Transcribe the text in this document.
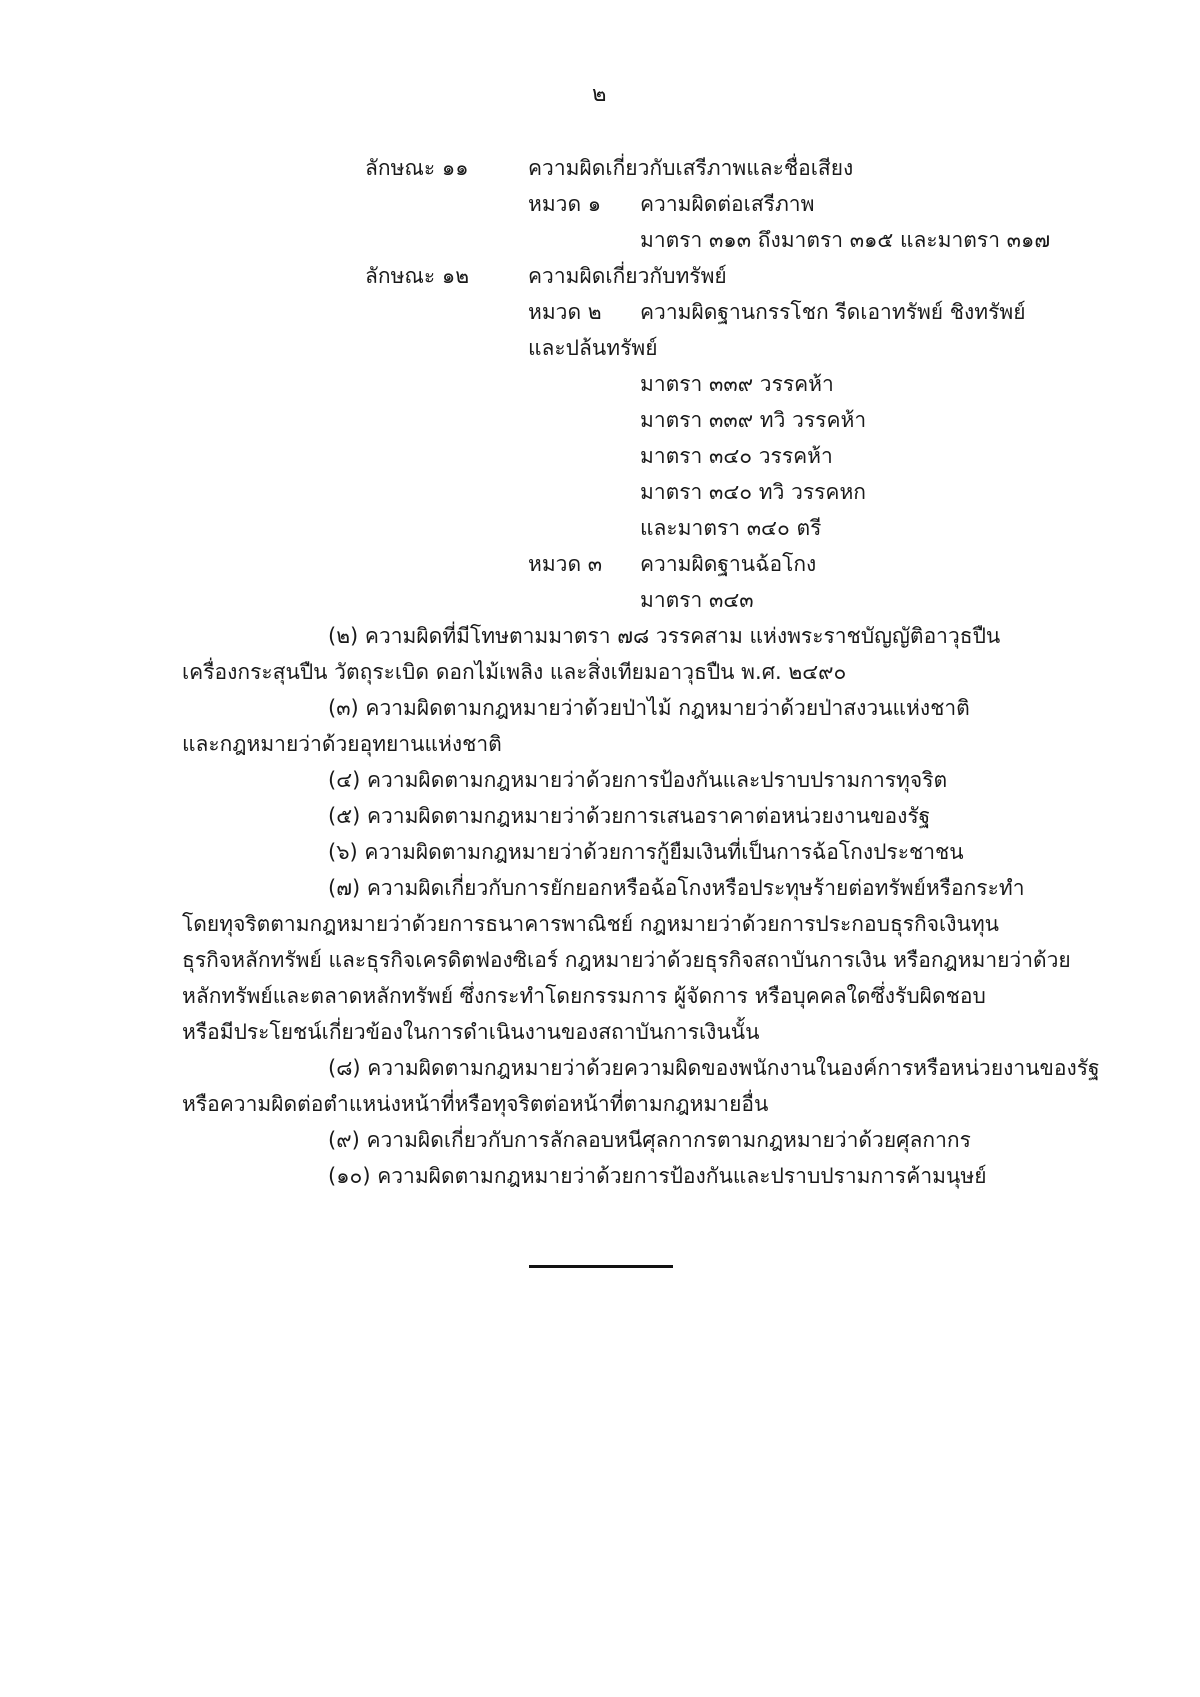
๒
ลักษณะ ๑๑	ความผิดเกี่ยวกับเสรีภาพและชื่อเสียง
หมวด ๑ ความผิดต่อเสรีภาพ
มาตรา ๓๑๓ ถึงมาตรา ๓๑๕ และมาตรา ๓๑๗
ลักษณะ ๑๒	ความผิดเกี่ยวกับทรัพย์
หมวด ๒ ความผิดฐานกรรโชก รีดเอาทรัพย์ ชิงทรัพย์
และปล้นทรัพย์
มาตรา ๓๓๙ วรรคห้า
มาตรา ๓๓๙ ทวิ วรรคห้า
มาตรา ๓๔๐ วรรคห้า
มาตรา ๓๔๐ ทวิ วรรคหก
และมาตรา ๓๔๐ ตรี
หมวด ๓ ความผิดฐานฉ้อโกง
มาตรา ๓๔๓
(๒) ความผิดที่มีโทษตามมาตรา ๗๘ วรรคสาม แห่งพระราชบัญญัติอาวุธปืน
เครื่องกระสุนปืน วัตถุระเบิด ดอกไม้เพลิง และสิ่งเทียมอาวุธปืน พ.ศ. ๒๔๙๐
(๓) ความผิดตามกฎหมายว่าด้วยป่าไม้ กฎหมายว่าด้วยป่าสงวนแห่งชาติ
และกฎหมายว่าด้วยอุทยานแห่งชาติ
(๔) ความผิดตามกฎหมายว่าด้วยการป้องกันและปราบปรามการทุจริต
(๕) ความผิดตามกฎหมายว่าด้วยการเสนอราคาต่อหน่วยงานของรัฐ
(๖) ความผิดตามกฎหมายว่าด้วยการกู้ยืมเงินที่เป็นการฉ้อโกงประชาชน
(๗) ความผิดเกี่ยวกับการยักยอกหรือฉ้อโกงหรือประทุษร้ายต่อทรัพย์หรือกระทำ
โดยทุจริตตามกฎหมายว่าด้วยการธนาคารพาณิชย์ กฎหมายว่าด้วยการประกอบธุรกิจเงินทุน
ธุรกิจหลักทรัพย์ และธุรกิจเครดิตฟองซิเอร์ กฎหมายว่าด้วยธุรกิจสถาบันการเงิน หรือกฎหมายว่าด้วย
หลักทรัพย์และตลาดหลักทรัพย์ ซึ่งกระทำโดยกรรมการ ผู้จัดการ หรือบุคคลใดซึ่งรับผิดชอบ
หรือมีประโยชน์เกี่ยวข้องในการดำเนินงานของสถาบันการเงินนั้น
(๘) ความผิดตามกฎหมายว่าด้วยความผิดของพนักงานในองค์การหรือหน่วยงานของรัฐ
หรือความผิดต่อตำแหน่งหน้าที่หรือทุจริตต่อหน้าที่ตามกฎหมายอื่น
(๙) ความผิดเกี่ยวกับการลักลอบหนีศุลกากรตามกฎหมายว่าด้วยศุลกากร
(๑๐) ความผิดตามกฎหมายว่าด้วยการป้องกันและปราบปรามการค้ามนุษย์
